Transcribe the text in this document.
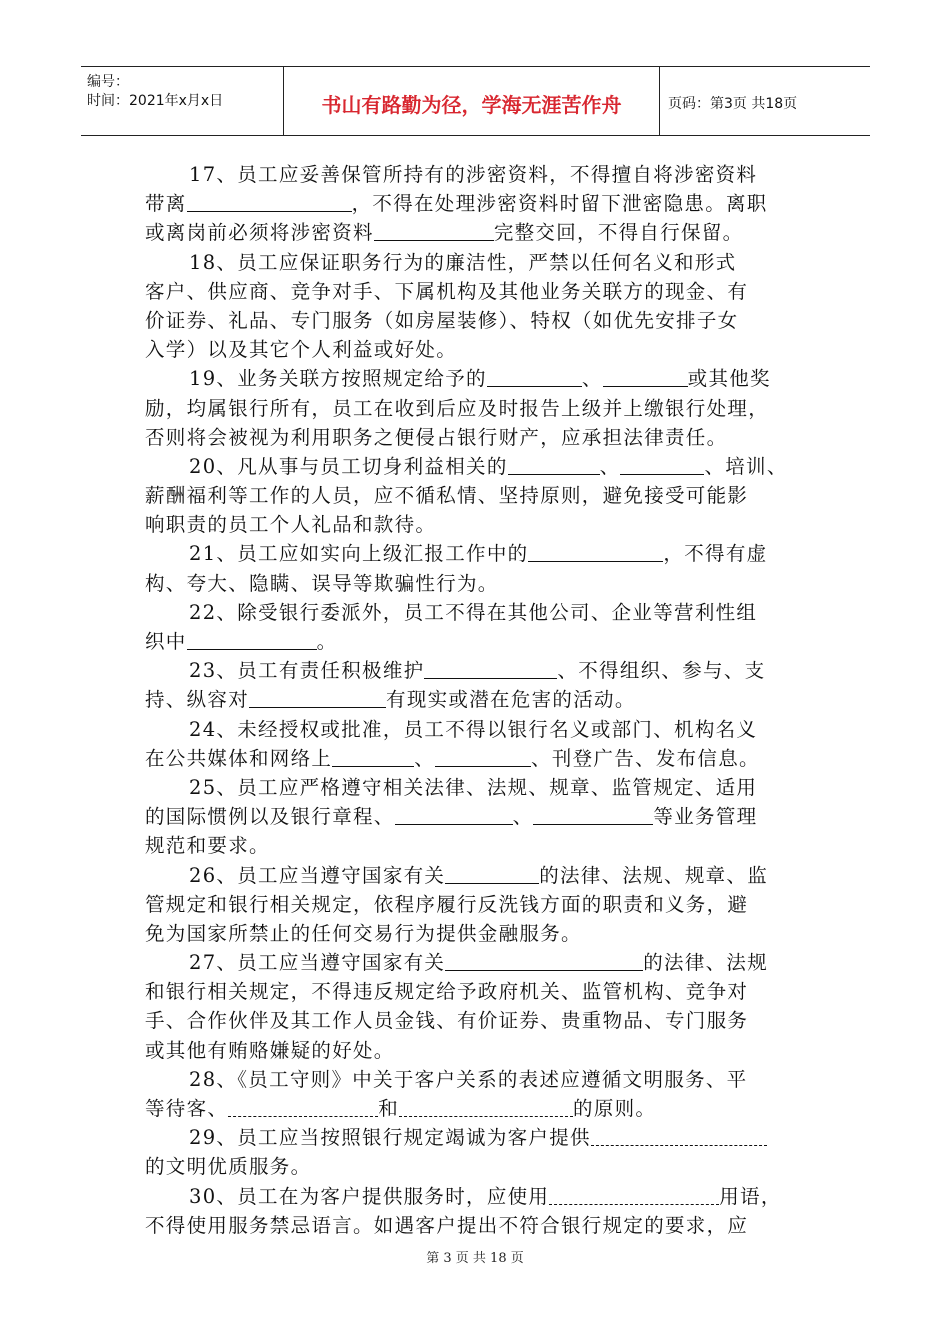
编号：
时间：2021年x月x日	书山有路勤为径，学海无涯苦作舟	页码：第3页 共18页
17、员工应妥善保管所持有的涉密资料，不得擅自将涉密资料
带离	，不得在处理涉密资料时留下泄密隐患。离职
或离岗前必须将涉密资料	完整交回，不得自行保留。
18、员工应保证职务行为的廉洁性，严禁以任何名义和形式
客户、供应商、竞争对手、下属机构及其他业务关联方的现金、有
价证券、礼品、专门服务（如房屋装修）、特权（如优先安排子女
入学）以及其它个人利益或好处。
19、业务关联方按照规定给予的	、	或其他奖
励，均属银行所有，员工在收到后应及时报告上级并上缴银行处理，
否则将会被视为利用职务之便侵占银行财产，应承担法律责任。
20、凡从事与员工切身利益相关的	、	、培训、
薪酬福利等工作的人员，应不循私情、坚持原则，避免接受可能影
响职责的员工个人礼品和款待。
21、员工应如实向上级汇报工作中的	，不得有虚
构、夸大、隐瞒、误导等欺骗性行为。
22、除受银行委派外，员工不得在其他公司、企业等营利性组
织中	。
23、员工有责任积极维护	、不得组织、参与、支
持、纵容对	有现实或潜在危害的活动。
24、未经授权或批准，员工不得以银行名义或部门、机构名义
在公共媒体和网络上	、	、刊登广告、发布信息。
25、员工应严格遵守相关法律、法规、规章、监管规定、适用
的国际惯例以及银行章程、	、	等业务管理
规范和要求。
26、员工应当遵守国家有关	的法律、法规、规章、监
管规定和银行相关规定，依程序履行反洗钱方面的职责和义务，避
免为国家所禁止的任何交易行为提供金融服务。
27、员工应当遵守国家有关	的法律、法规
和银行相关规定，不得违反规定给予政府机关、监管机构、竞争对
手、合作伙伴及其工作人员金钱、有价证券、贵重物品、专门服务
或其他有贿赂嫌疑的好处。
28、《员工守则》中关于客户关系的表述应遵循文明服务、平
等待客、	和	的原则。
29、员工应当按照银行规定竭诚为客户提供
的文明优质服务。
30、员工在为客户提供服务时，应使用	用语，
不得使用服务禁忌语言。如遇客户提出不符合银行规定的要求，应
第 3 页 共 18 页
